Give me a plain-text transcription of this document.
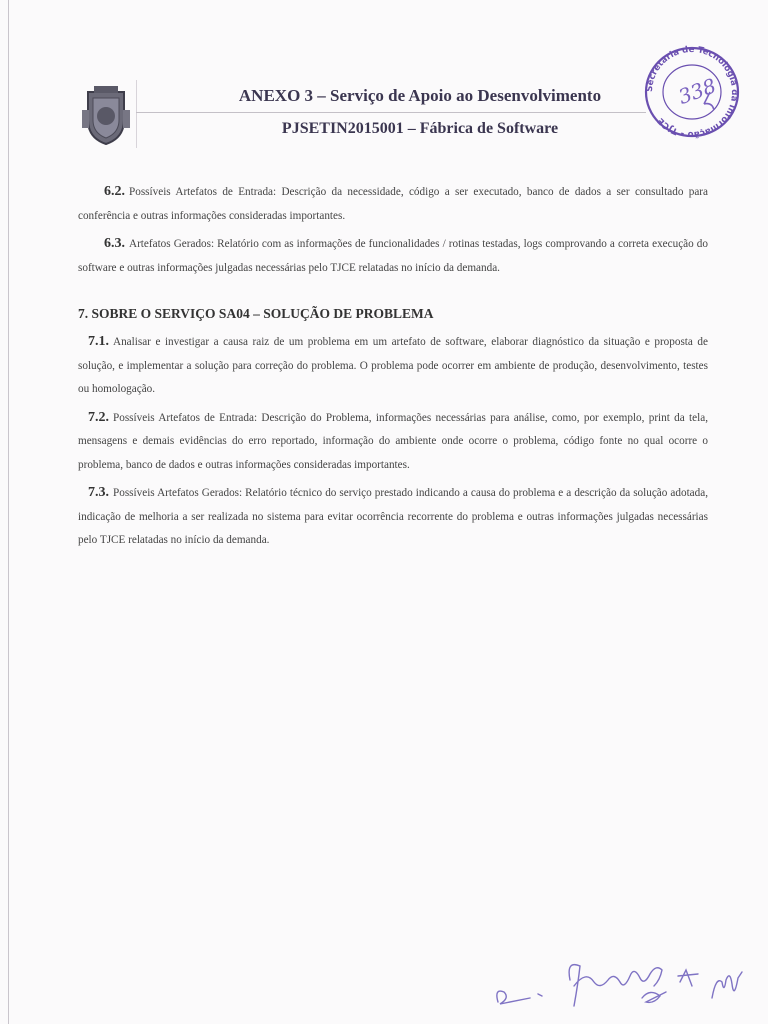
ANEXO 3 – Serviço de Apoio ao Desenvolvimento
PJSETIN2015001 – Fábrica de Software
Secretaria de Tecnologia da Informação - TJCE
338

6.2. Possíveis Artefatos de Entrada: Descrição da necessidade, código a ser executado, banco de dados a ser consultado para conferência e outras informações consideradas importantes.

6.3. Artefatos Gerados: Relatório com as informações de funcionalidades / rotinas testadas, logs comprovando a correta execução do software e outras informações julgadas necessárias pelo TJCE relatadas no início da demanda.

7. SOBRE O SERVIÇO SA04 – SOLUÇÃO DE PROBLEMA

7.1. Analisar e investigar a causa raiz de um problema em um artefato de software, elaborar diagnóstico da situação e proposta de solução, e implementar a solução para correção do problema. O problema pode ocorrer em ambiente de produção, desenvolvimento, testes ou homologação.

7.2. Possíveis Artefatos de Entrada: Descrição do Problema, informações necessárias para análise, como, por exemplo, print da tela, mensagens e demais evidências do erro reportado, informação do ambiente onde ocorre o problema, código fonte no qual ocorre o problema, banco de dados e outras informações consideradas importantes.

7.3. Possíveis Artefatos Gerados: Relatório técnico do serviço prestado indicando a causa do problema e a descrição da solução adotada, indicação de melhoria a ser realizada no sistema para evitar ocorrência recorrente do problema e outras informações julgadas necessárias pelo TJCE relatadas no início da demanda.
